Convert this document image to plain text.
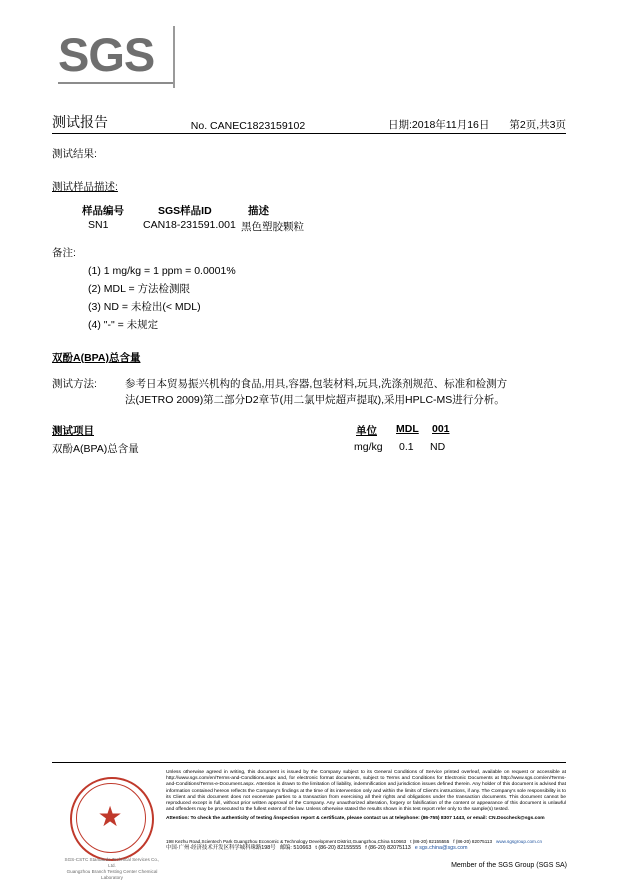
SGS
测试报告	No. CANEC1823159102	日期:2018年11月16日 第2页,共3页
测试结果:
测试样品描述:
样品编号	SGS样品ID	描述
SN1	CAN18-231591.001 黑色塑胶颗粒
备注:
(1) 1 mg/kg = 1 ppm = 0.0001%
(2) MDL = 方法检测限
(3) ND = 未检出(< MDL)
(4) "-" = 未规定
双酚A(BPA)总含量
测试方法:	参考日本贸易振兴机构的食品,用具,容器,包装材料,玩具,洗涤剂规范、标准和检测方
法(JETRO 2009)第二部分D2章节(用二氯甲烷超声提取),采用HPLC-MS进行分析。
测试项目	单位 MDL 001
双酚A(BPA)总含量	mg/kg 0.1 ND
★
SGS-CSTC Standards Technical Services Co., Ltd.
Guangzhou Branch Testing Center Chemical Laboratory
Unless otherwise agreed in writing, this document is issued by the Company subject to its General Conditions of Service printed overleaf, available on request or accessible at http://www.sgs.com/en/Terms-and-Conditions.aspx and, for electronic format documents, subject to Terms and Conditions for Electronic Documents at http://www.sgs.com/en/Terms-and-Conditions/Terms-e-Document.aspx. Attention is drawn to the limitation of liability, indemnification and jurisdiction issues defined therein. Any holder of this document is advised that information contained hereon reflects the Company's findings at the time of its intervention only and within the limits of Client's instructions, if any. The Company's sole responsibility is to its Client and this document does not exonerate parties to a transaction from exercising all their rights and obligations under the transaction documents. This document cannot be reproduced except in full, without prior written approval of the Company. Any unauthorized alteration, forgery or falsification of the content or appearance of this document is unlawful and offenders may be prosecuted to the fullest extent of the law. Unless otherwise stated the results shown in this test report refer only to the sample(s) tested.
Attention: To check the authenticity of testing /inspection report & certificate, please contact us at telephone: (86-755) 8307 1443, or email: CN.Doccheck@sgs.com
198 Kezhu Road,Scientech Park Guangzhou Economic & Technology Development District,Guangzhou,China 510663 t (86-20) 82155555 f (86-20) 82075113 www.sgsgroup.com.cn
中国·广州·经济技术开发区科学城科珠路198号 邮编: 510663 t (86-20) 82155555 f (86-20) 82075113 e sgs.china@sgs.com
Member of the SGS Group (SGS SA)
